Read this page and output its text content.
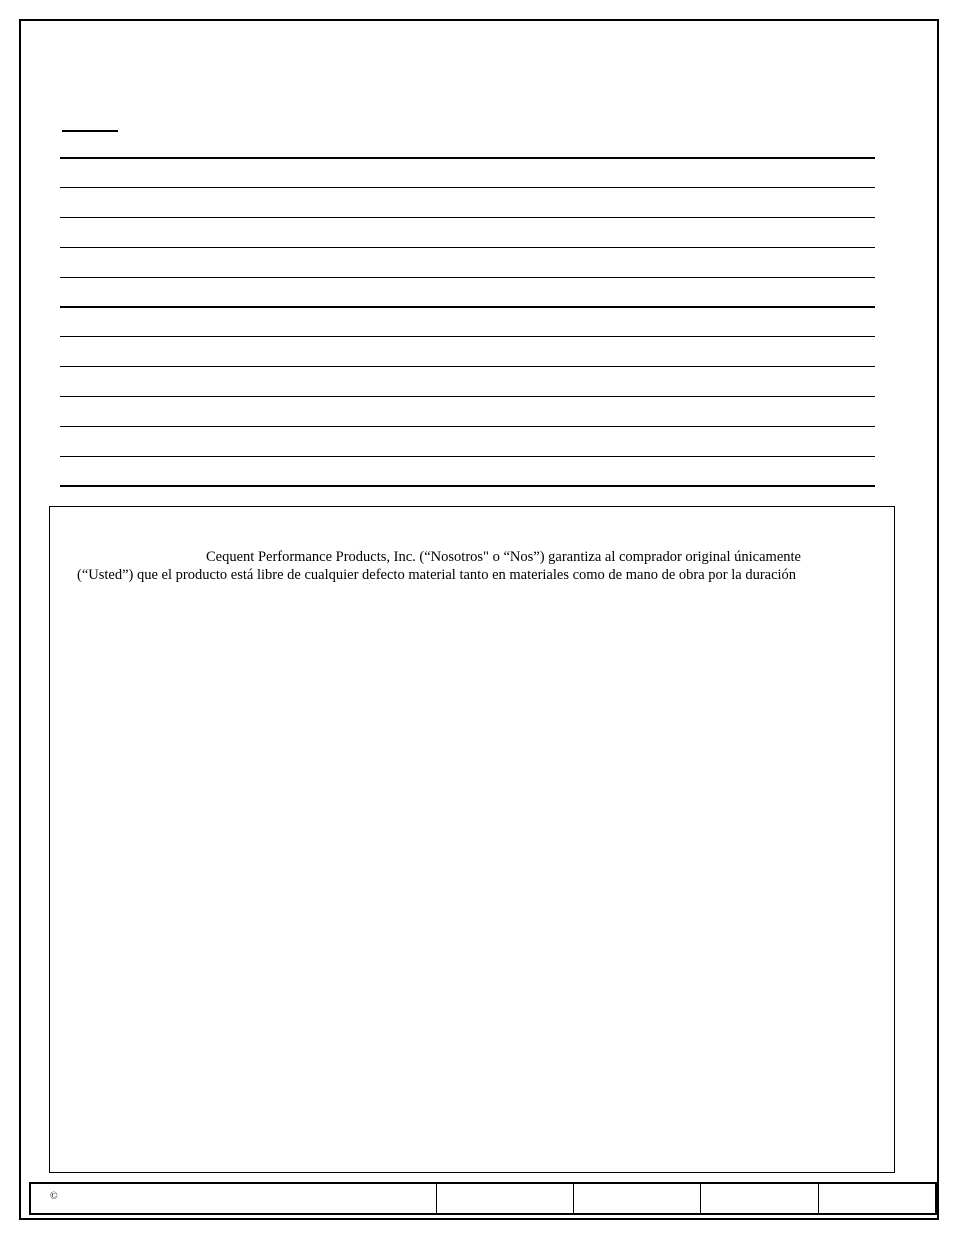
Cequent Performance Products, Inc. (“Nosotros" o “Nos”) garantiza al comprador original únicamente
(“Usted”) que el producto está libre de cualquier defecto material tanto en materiales como de mano de obra por la duración
©
